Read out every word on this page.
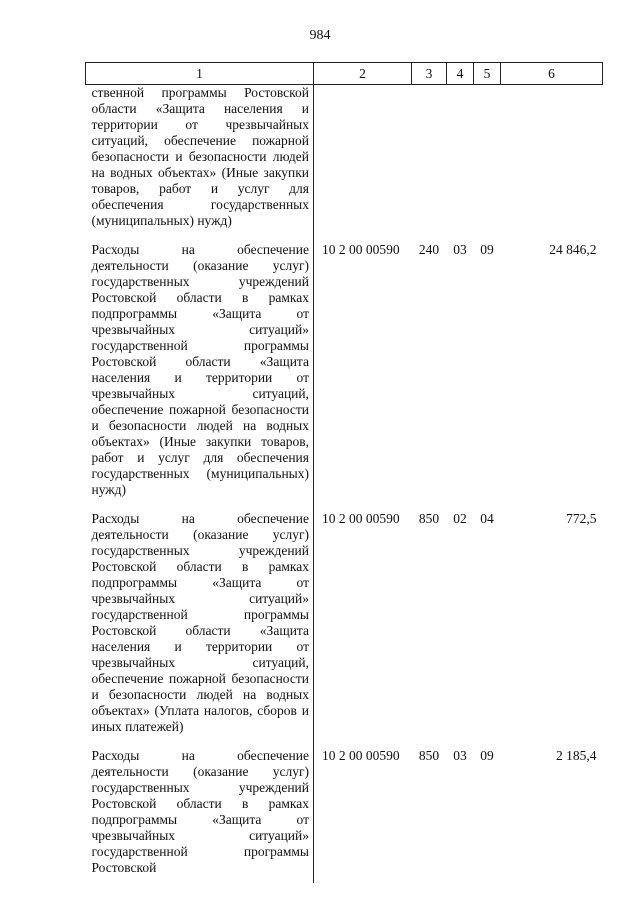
984
1	2	3	4	5	6
ственной программы Ростовской области «Защита населения и территории от чрезвычайных ситуаций, обеспечение пожарной безопасности и безопасности людей на водных объектах» (Иные закупки товаров, работ и услуг для обеспечения государственных (муниципальных) нужд)					
Расходы на обеспечение деятельности (оказание услуг) государственных учреждений Ростовской области в рамках подпрограммы «Защита от чрезвычайных ситуаций» государственной программы Ростовской области «Защита населения и территории от чрезвычайных ситуаций, обеспечение пожарной безопасности и безопасности людей на водных объектах» (Иные закупки товаров, работ и услуг для обеспечения государственных (муниципальных) нужд)	10 2 00 00590	240	03	09	24 846,2
Расходы на обеспечение деятельности (оказание услуг) государственных учреждений Ростовской области в рамках подпрограммы «Защита от чрезвычайных ситуаций» государственной программы Ростовской области «Защита населения и территории от чрезвычайных ситуаций, обеспечение пожарной безопасности и безопасности людей на водных объектах» (Уплата налогов, сборов и иных платежей)	10 2 00 00590	850	02	04	772,5
Расходы на обеспечение деятельности (оказание услуг) государственных учреждений Ростовской области в рамках подпрограммы «Защита от чрезвычайных ситуаций» государственной программы Ростовской	10 2 00 00590	850	03	09	2 185,4
